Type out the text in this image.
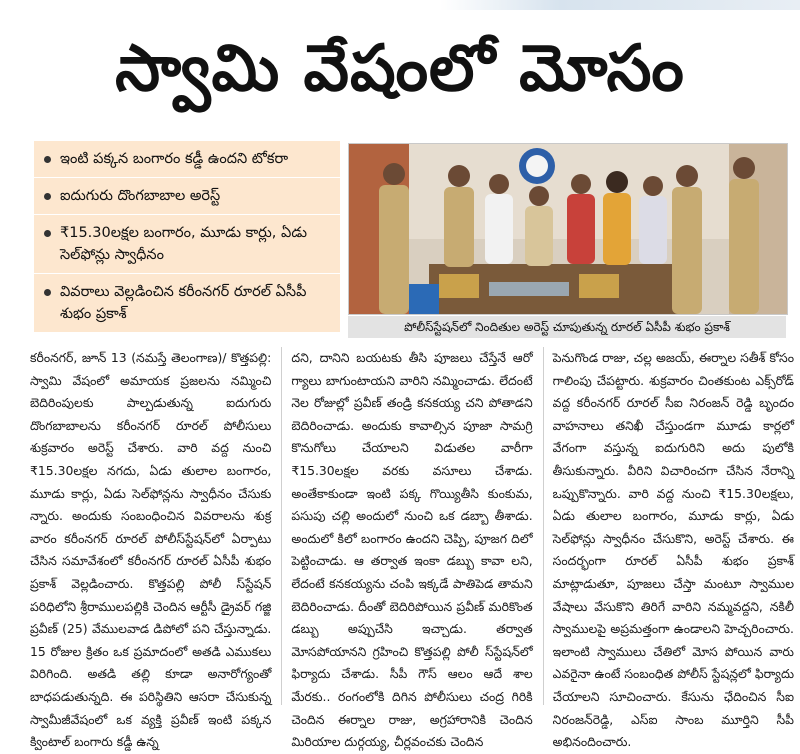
స్వామి వేషంలో మోసం
ఇంటి పక్కన బంగారం కడ్డీ ఉందని టోకరా
ఐదుగురు దొంగబాబాల అరెస్ట్
₹15.30లక్షల బంగారం, మూడు కార్లు, ఏడు సెల్‌ఫోన్లు స్వాధీనం
వివరాలు వెల్లడించిన కరీంనగర్ రూరల్ ఏసీపీ శుభం ప్రకాశ్
పోలీస్‌స్టేషన్‌లో నిందితుల అరెస్ట్ చూపుతున్న రూరల్ ఏసీపీ శుభం ప్రకాశ్
కరీంనగర్, జూన్ 13 (నమస్తే తెలంగాణ)/ కొత్తపల్లి: స్వామి వేషంలో అమాయక ప్రజలను నమ్మించి బెదిరింపులకు పాల్పడుతున్న ఐదుగురు దొంగబాబాలను కరీంనగర్ రూరల్ పోలీసులు శుక్రవారం అరెస్ట్ చేశారు. వారి వద్ద నుంచి ₹15.30లక్షల నగదు, ఏడు తులాల బంగారం, మూడు కార్లు, ఏడు సెల్‌ఫోన్లను స్వాధీనం చేసుకు న్నారు. అందుకు సంబంధించిన వివరాలను శుక్ర వారం కరీంనగర్ రూరల్ పోలీస్‌స్టేషన్‌లో ఏర్పాటు చేసిన సమావేశంలో కరీంనగర్ రూరల్ ఏసీపీ శుభం ప్రకాశ్ వెల్లడించారు. కొత్తపల్లి పోలీ స్‌స్టేషన్ పరిధిలోని శ్రీరాములపల్లికి చెందిన ఆర్టీసీ డ్రైవర్ గజ్జి ప్రవీణ్ (25) వేములవాడ డిపోలో పని చేస్తున్నాడు. 15 రోజుల క్రితం ఒక ప్రమాదంలో అతడి ఎముకలు విరిగింది. అతడి తల్లి కూడా అనారోగ్యంతో బాధపడుతున్నది. ఈ పరిస్థితిని ఆసరా చేసుకున్న స్వామీజీవేషంలో ఒక వ్యక్తి ప్రవీణ్ ఇంటి పక్కన క్వింటాల్ బంగారు కడ్డీ ఉన్న
దని, దానిని బయటకు తీసి పూజలు చేస్తేనే ఆరో గ్యాలు బాగుంటాయని వారిని నమ్మించాడు. లేదంటే నెల రోజుల్లో ప్రవీణ్ తండ్రి కనకయ్య చని పోతాడని బెదిరించాడు. అందుకు కావాల్సిన పూజా సామగ్రి కొనుగోలు చేయాలని విడుతల వారీగా ₹15.30లక్షల వరకు వసూలు చేశాడు. అంతేకాకుండా ఇంటి పక్క గొయ్యితీసి కుంకుమ, పసుపు చల్లి అందులో నుంచి ఒక డబ్బా తీశాడు. అందులో కిలో బంగారం ఉందని చెప్పి, పూజగ దిలో పెట్టించాడు. ఆ తర్వాత ఇంకా డబ్బు కావా లని, లేదంటే కనకయ్యను చంపి ఇక్కడే పాతిపెడ తామని బెదిరించాడు. దీంతో బెదిరిపోయిన ప్రవీణ్ మరికొంత డబ్బు అప్పుచేసి ఇచ్చాడు. తర్వాత మోసపోయానని గ్రహించి కొత్తపల్లి పోలీ స్‌స్టేషన్‌లో ఫిర్యాదు చేశాడు. సీపీ గౌస్ ఆలం ఆదే శాల మేరకు.. రంగంలోకి దిగిన పోలీసులు చంద్ర గిరికి చెందిన ఈర్నాల రాజు, అగ్రహారానికి చెందిన మిరియాల దుర్గయ్య, చీర్లవంచకు చెందిన
పెనుగొండ రాజు, చల్ల అజయ్, ఈర్నాల సతీశ్ కోసం గాలింపు చేపట్టారు. శుక్రవారం చింతకుంట ఎక్స్‌రోడ్ వద్ద కరీంనగర్ రూరల్ సీఐ నిరంజన్ రెడ్డి బృందం వాహనాలు తనిఖీ చేస్తుండగా మూడు కార్లలో వేగంగా వస్తున్న ఐదుగురిని అదు పులోకి తీసుకున్నారు. వీరిని విచారించగా చేసిన నేరాన్ని ఒప్పుకొన్నారు. వారి వద్ద నుంచి ₹15.30లక్షలు, ఏడు తులాల బంగారం, మూడు కార్లు, ఏడు సెల్‌ఫోన్లు స్వాధీనం చేసుకొని, అరెస్ట్ చేశారు. ఈ సందర్భంగా రూరల్ ఏసీపీ శుభం ప్రకాశ్ మాట్లాడుతూ, పూజలు చేస్తా మంటూ స్వాముల వేషాలు వేసుకొని తిరిగే వారిని నమ్మవద్దని, నకిలీ స్వాములపై అప్రమత్తంగా ఉండాలని హెచ్చరించారు. ఇలాంటి స్వాములు చేతిలో మోస పోయిన వారు ఎవరైనా ఉంటే సంబంధిత పోలీస్ స్టేషన్లలో ఫిర్యాదు చేయాలని సూచించారు. కేసును ఛేదించిన సీఐ నిరంజన్‌రెడ్డి, ఎస్ఐ సాంబ మూర్తిని సీపీ అభినందించారు.
